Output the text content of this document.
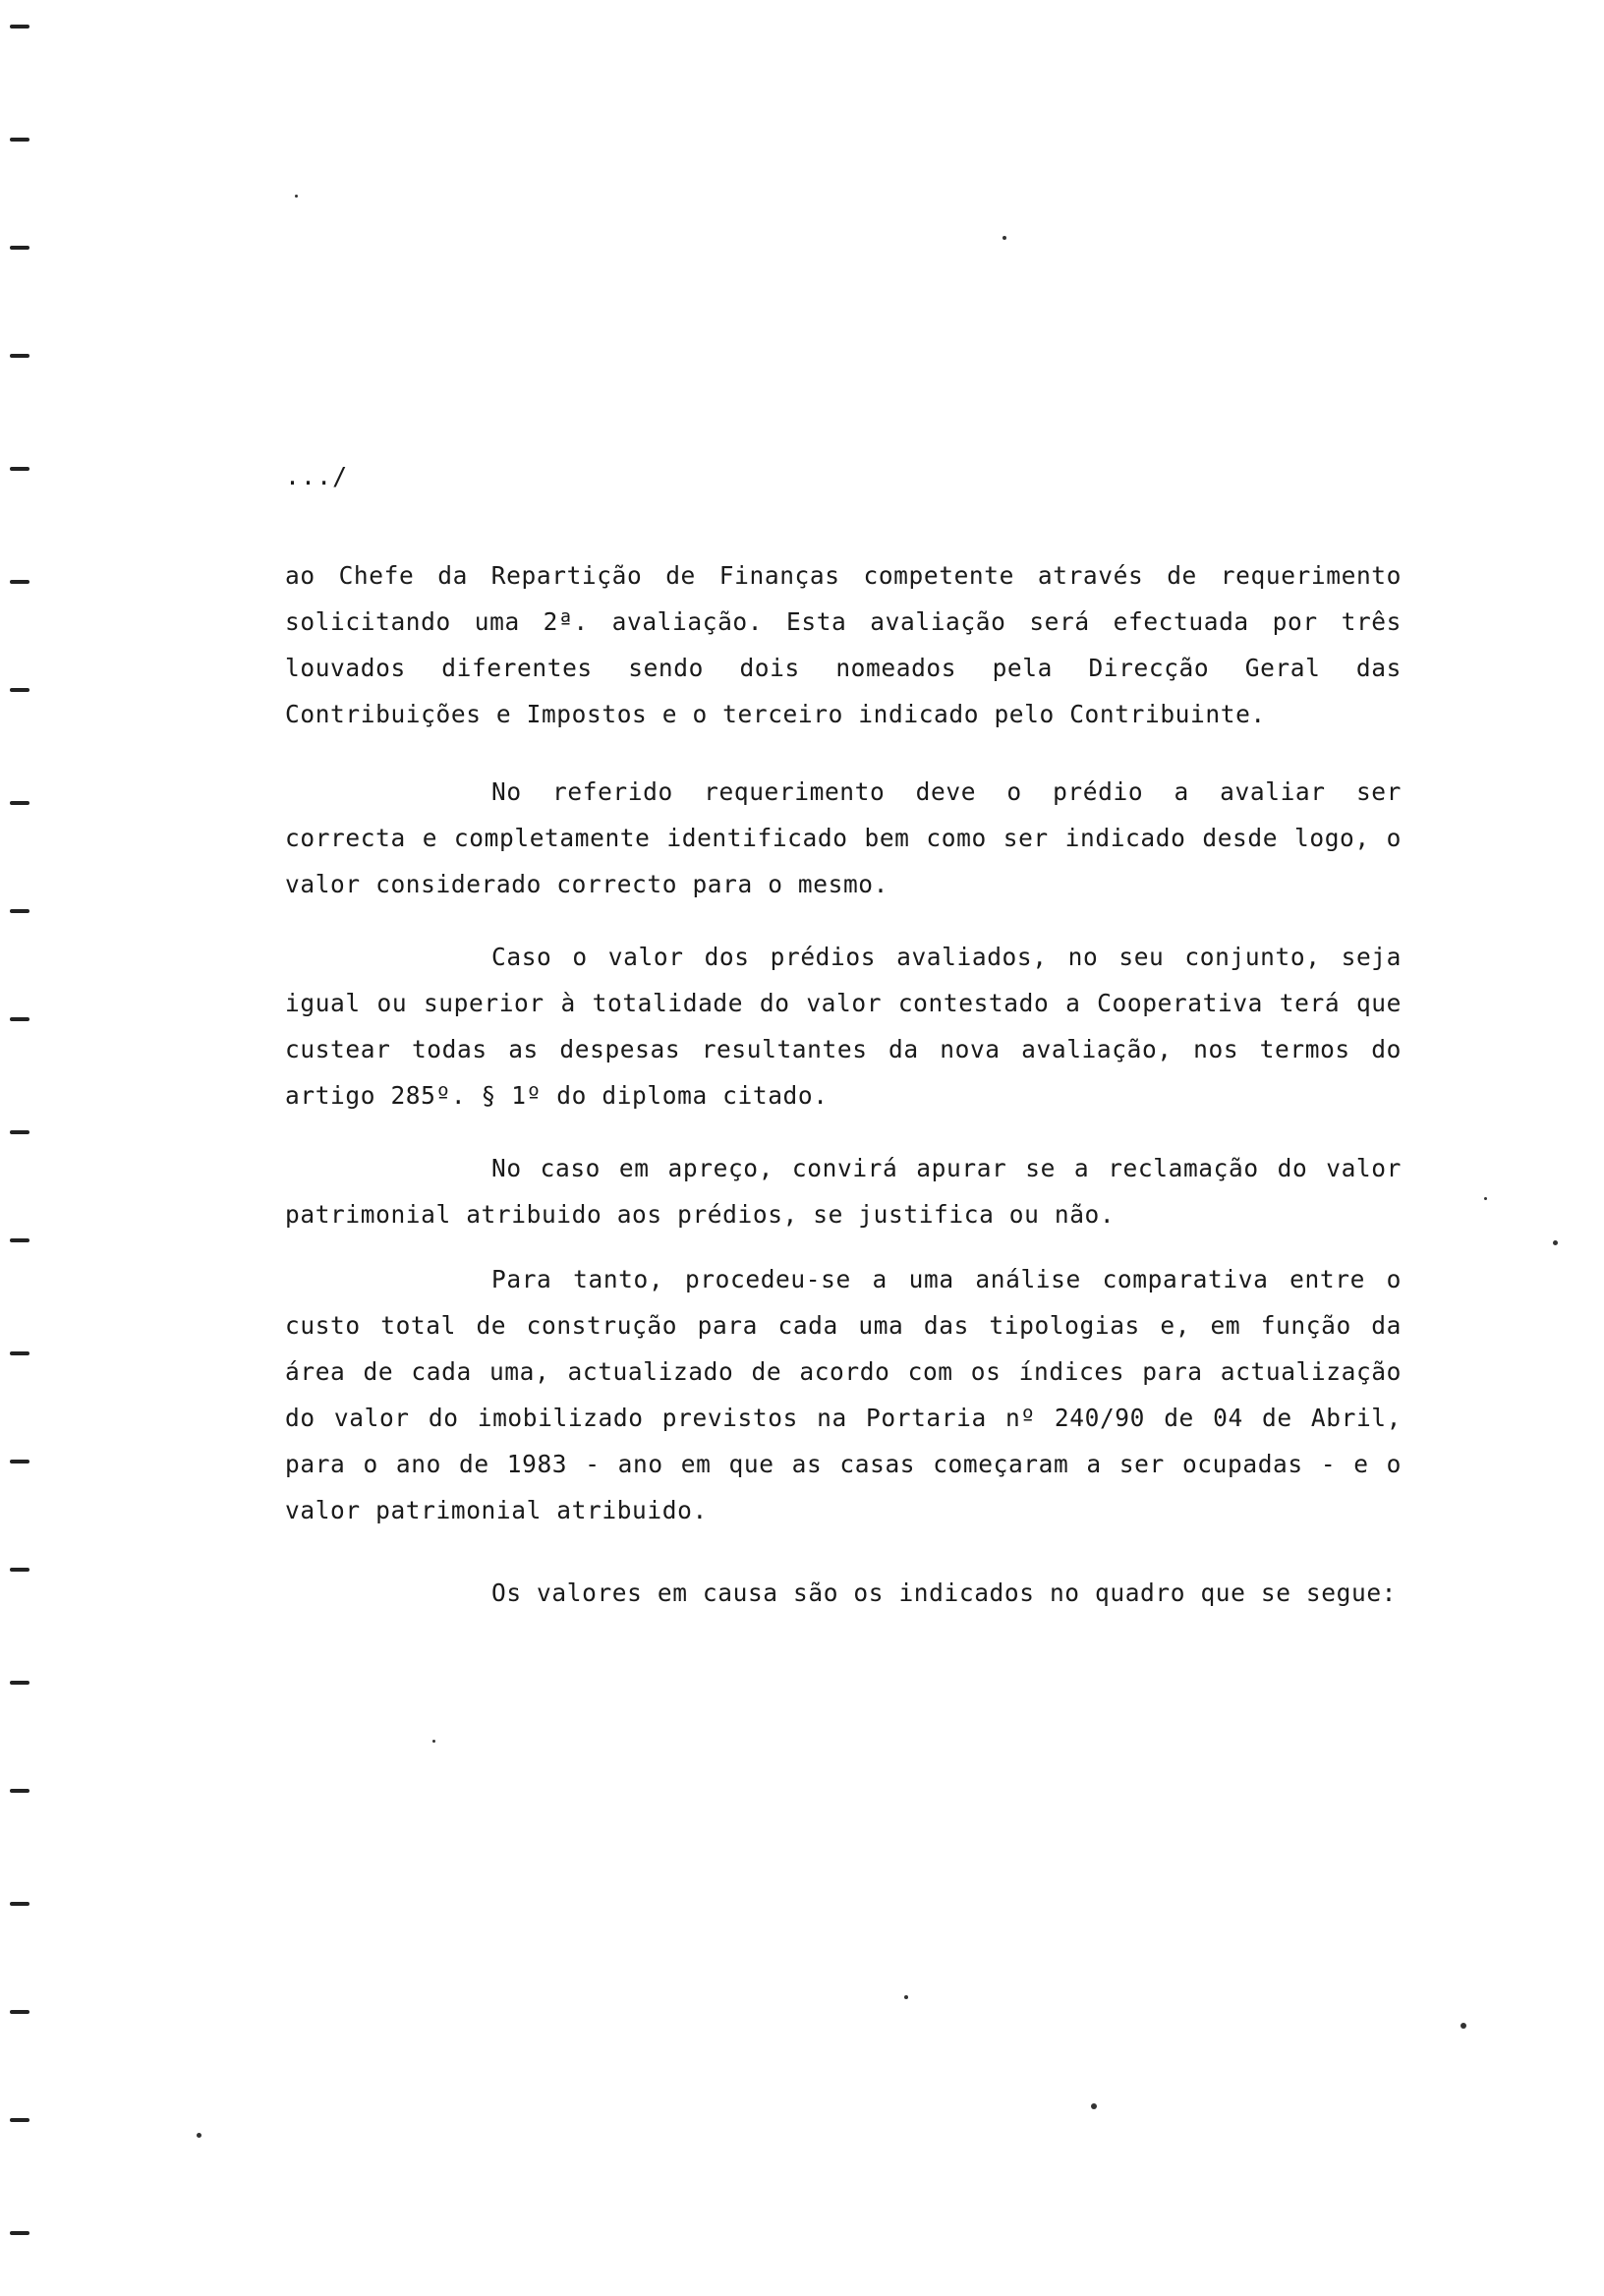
.../

ao Chefe da Repartição de Finanças competente através de requerimento solicitando uma 2ª. avaliação. Esta avaliação será efectuada por três louvados diferentes sendo dois nomeados pela Direcção Geral das Contribuições e Impostos e o terceiro indicado pelo Contribuinte.

No referido requerimento deve o prédio a avaliar ser correcta e completamente identificado bem como ser indicado desde logo, o valor considerado correcto para o mesmo.

Caso o valor dos prédios avaliados, no seu conjunto, seja igual ou superior à totalidade do valor contestado a Cooperativa terá que custear todas as despesas resultantes da nova avaliação, nos termos do artigo 285º. § 1º do diploma citado.

No caso em apreço, convirá apurar se a reclamação do valor patrimonial atribuido aos prédios, se justifica ou não.

Para tanto, procedeu-se a uma análise comparativa entre o custo total de construção para cada uma das tipologias e, em função da área de cada uma, actualizado de acordo com os índices para actualização do valor do imobilizado previstos na Portaria nº 240/90 de 04 de Abril, para o ano de 1983 - ano em que as casas começaram a ser ocupadas - e o valor patrimonial atribuido.

Os valores em causa são os indicados no quadro que se segue:
